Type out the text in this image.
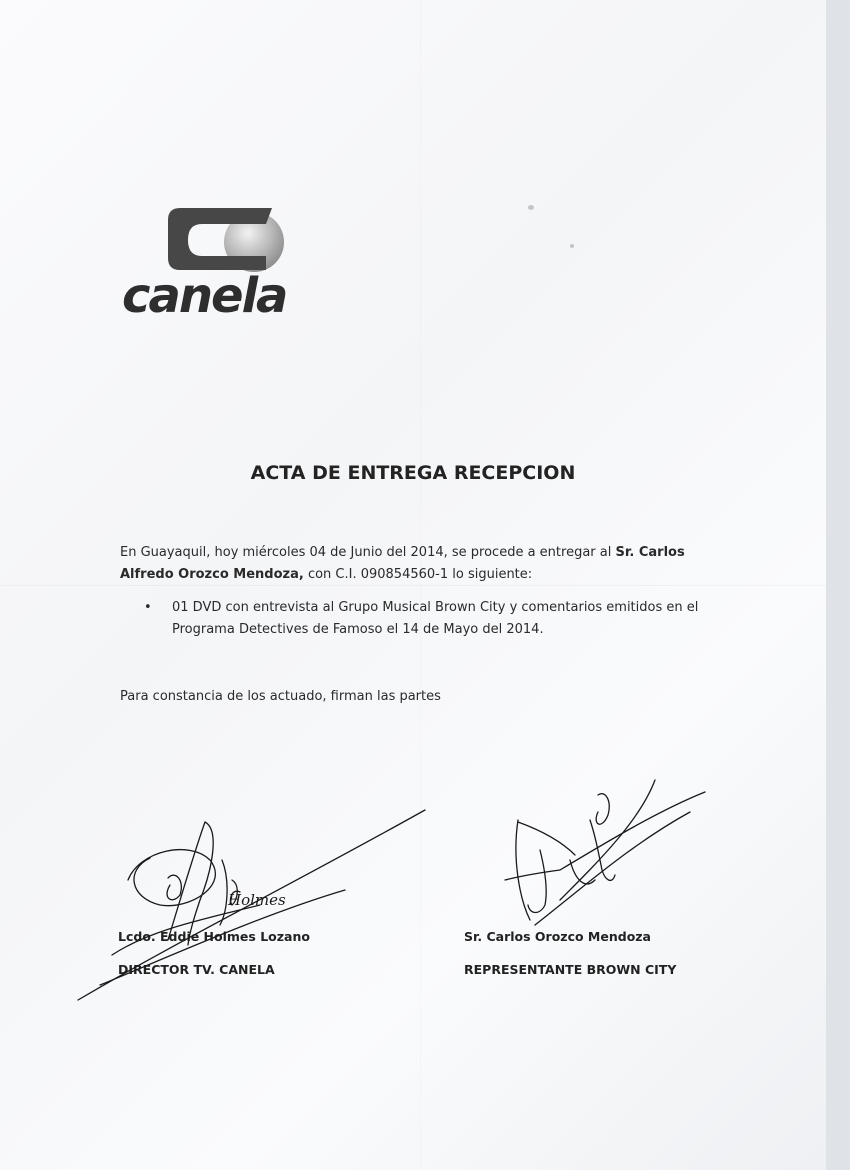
canela
ACTA DE ENTREGA RECEPCION
En Guayaquil, hoy miércoles 04 de Junio del 2014, se procede a entregar al Sr. Carlos Alfredo Orozco Mendoza, con C.I. 090854560-1 lo siguiente:
• 01 DVD con entrevista al Grupo Musical Brown City y comentarios emitidos en el Programa Detectives de Famoso el 14 de Mayo del 2014.
Para constancia de los actuado, firman las partes
Lcdo. Eddie Holmes Lozano
DIRECTOR TV. CANELA
Sr. Carlos Orozco Mendoza
REPRESENTANTE BROWN CITY
Holmes
